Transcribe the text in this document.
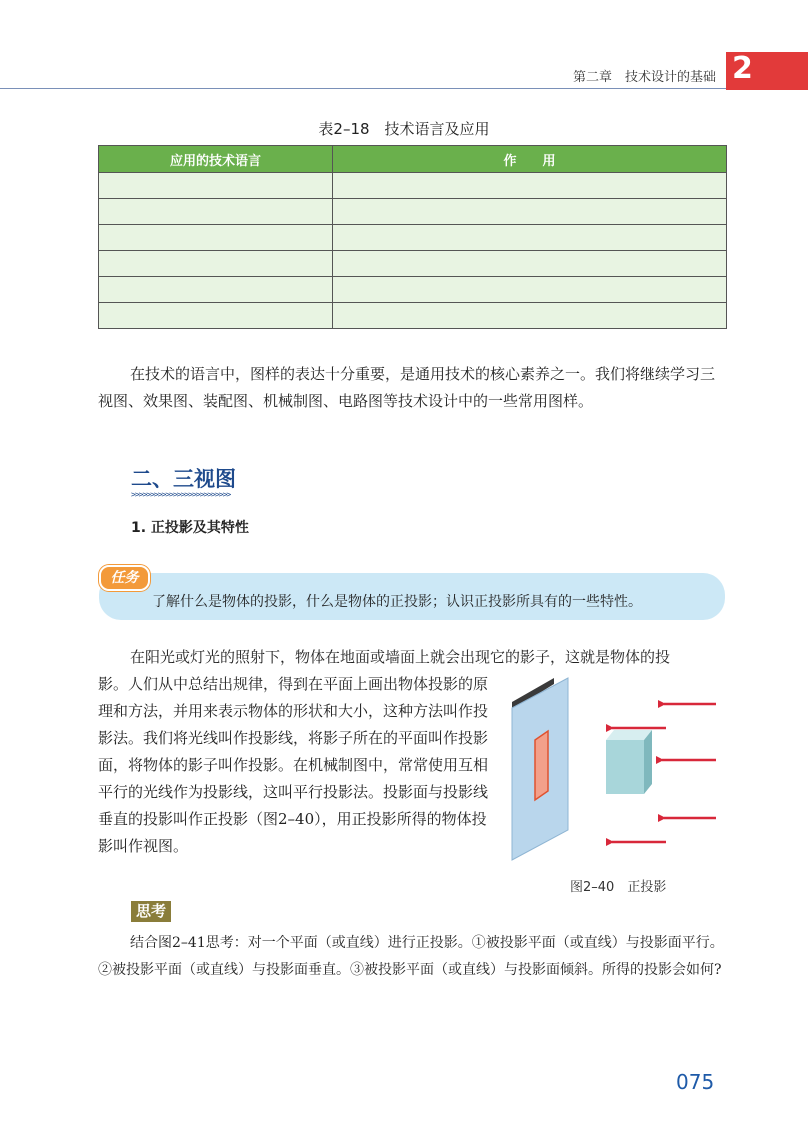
第二章　技术设计的基础 2
表2–18　技术语言及应用
应用的技术语言	作　　用

在技术的语言中，图样的表达十分重要，是通用技术的核心素养之一。我们将继续学习三视图、效果图、装配图、机械制图、电路图等技术设计中的一些常用图样。
二、三视图
>>>>>>>>>>>>>>>>>>>>>>>>>>
1. 正投影及其特性
任务
了解什么是物体的投影，什么是物体的正投影；认识正投影所具有的一些特性。
在阳光或灯光的照射下，物体在地面或墙面上就会出现它的影子，这就是物体的投
影。人们从中总结出规律，得到在平面上画出物体投影的原理和方法，并用来表示物体的形状和大小，这种方法叫作投影法。我们将光线叫作投影线，将影子所在的平面叫作投影面，将物体的影子叫作投影。在机械制图中，常常使用互相平行的光线作为投影线，这叫平行投影法。投影面与投影线垂直的投影叫作正投影（图2–40），用正投影所得的物体投影叫作视图。
图2–40　正投影
思考
结合图2–41思考：对一个平面（或直线）进行正投影。①被投影平面（或直线）与投影面平行。②被投影平面（或直线）与投影面垂直。③被投影平面（或直线）与投影面倾斜。所得的投影会如何?
075
